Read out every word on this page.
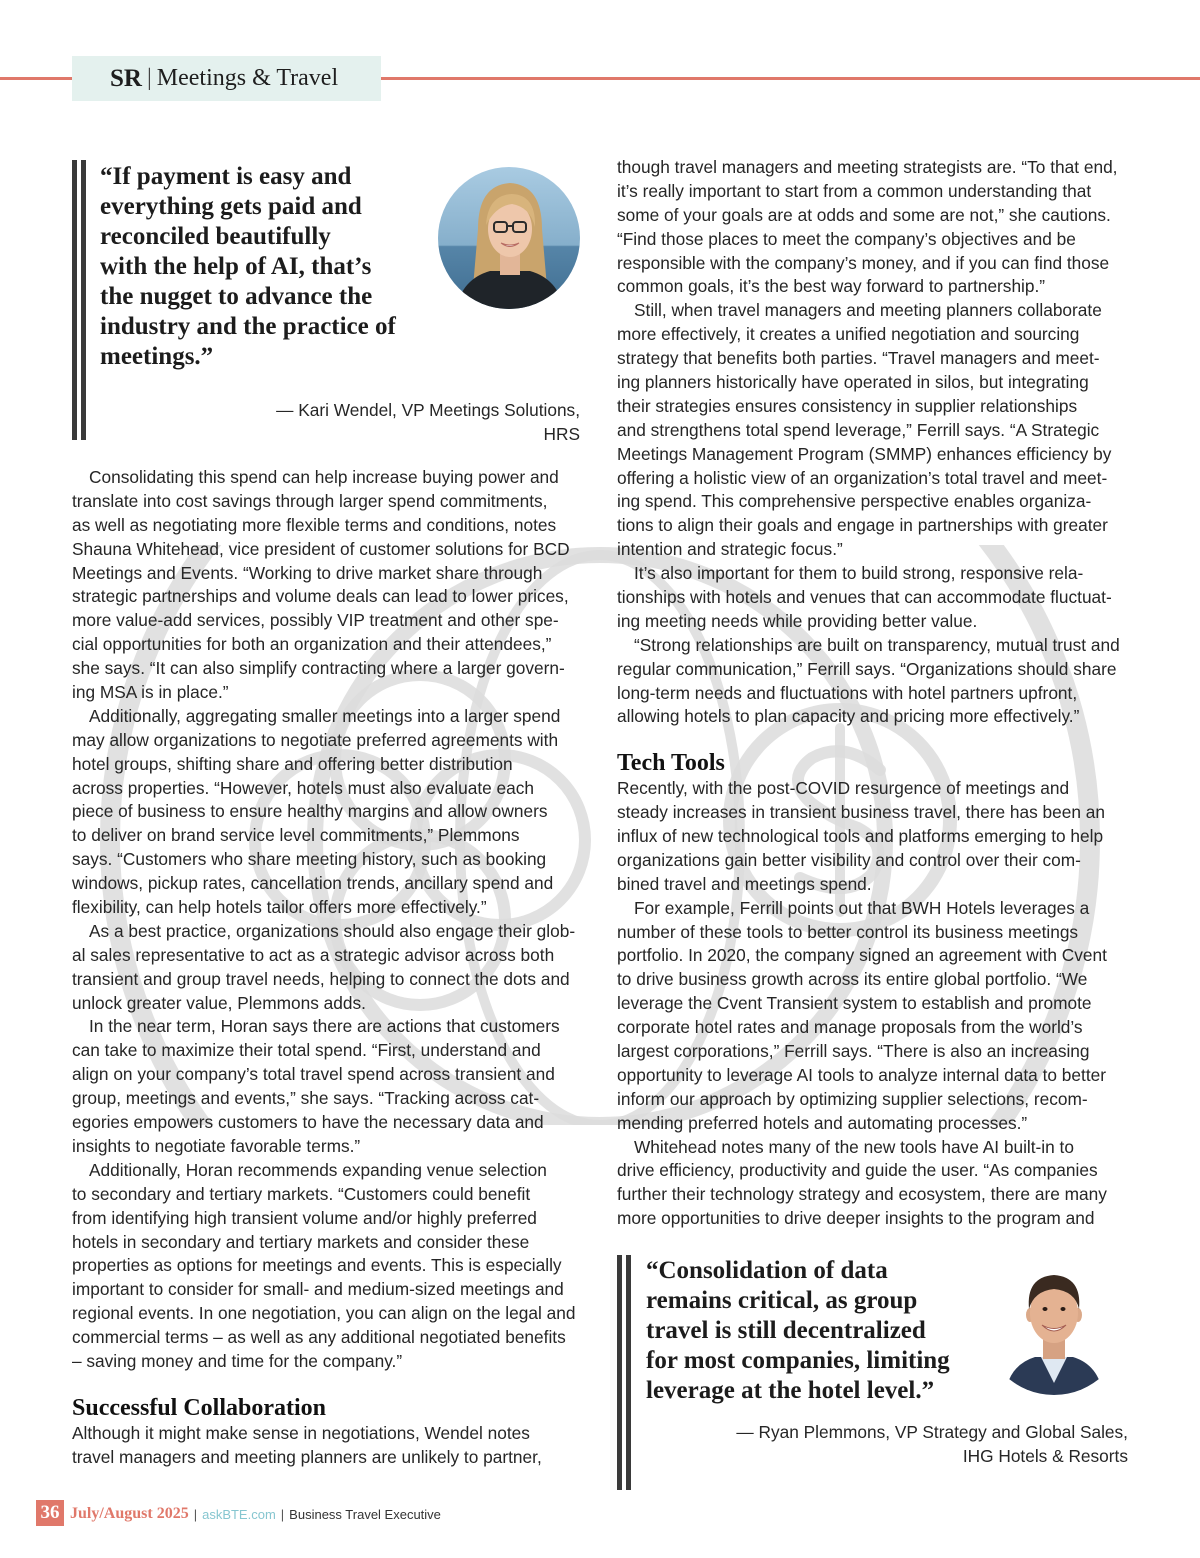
SR | Meetings & Travel
“If payment is easy and
everything gets paid and
reconciled beautifully
with the help of AI, that’s
the nugget to advance the
industry and the practice of
meetings.”
— Kari Wendel, VP Meetings Solutions,
HRS
Consolidating this spend can help increase buying power and
translate into cost savings through larger spend commitments,
as well as negotiating more flexible terms and conditions, notes
Shauna Whitehead, vice president of customer solutions for BCD
Meetings and Events. “Working to drive market share through
strategic partnerships and volume deals can lead to lower prices,
more value-add services, possibly VIP treatment and other spe-
cial opportunities for both an organization and their attendees,”
she says. “It can also simplify contracting where a larger govern-
ing MSA is in place.”
Additionally, aggregating smaller meetings into a larger spend
may allow organizations to negotiate preferred agreements with
hotel groups, shifting share and offering better distribution
across properties. “However, hotels must also evaluate each
piece of business to ensure healthy margins and allow owners
to deliver on brand service level commitments,” Plemmons
says. “Customers who share meeting history, such as booking
windows, pickup rates, cancellation trends, ancillary spend and
flexibility, can help hotels tailor offers more effectively.”
As a best practice, organizations should also engage their glob-
al sales representative to act as a strategic advisor across both
transient and group travel needs, helping to connect the dots and
unlock greater value, Plemmons adds.
In the near term, Horan says there are actions that customers
can take to maximize their total spend. “First, understand and
align on your company’s total travel spend across transient and
group, meetings and events,” she says. “Tracking across cat-
egories empowers customers to have the necessary data and
insights to negotiate favorable terms.”
Additionally, Horan recommends expanding venue selection
to secondary and tertiary markets. “Customers could benefit
from identifying high transient volume and/or highly preferred
hotels in secondary and tertiary markets and consider these
properties as options for meetings and events. This is especially
important to consider for small- and medium-sized meetings and
regional events. In one negotiation, you can align on the legal and
commercial terms – as well as any additional negotiated benefits
– saving money and time for the company.”
Successful Collaboration
Although it might make sense in negotiations, Wendel notes
travel managers and meeting planners are unlikely to partner,
though travel managers and meeting strategists are. “To that end,
it’s really important to start from a common understanding that
some of your goals are at odds and some are not,” she cautions.
“Find those places to meet the company’s objectives and be
responsible with the company’s money, and if you can find those
common goals, it’s the best way forward to partnership.”
Still, when travel managers and meeting planners collaborate
more effectively, it creates a unified negotiation and sourcing
strategy that benefits both parties. “Travel managers and meet-
ing planners historically have operated in silos, but integrating
their strategies ensures consistency in supplier relationships
and strengthens total spend leverage,” Ferrill says. “A Strategic
Meetings Management Program (SMMP) enhances efficiency by
offering a holistic view of an organization’s total travel and meet-
ing spend. This comprehensive perspective enables organiza-
tions to align their goals and engage in partnerships with greater
intention and strategic focus.”
It’s also important for them to build strong, responsive rela-
tionships with hotels and venues that can accommodate fluctuat-
ing meeting needs while providing better value.
“Strong relationships are built on transparency, mutual trust and
regular communication,” Ferrill says. “Organizations should share
long-term needs and fluctuations with hotel partners upfront,
allowing hotels to plan capacity and pricing more effectively.”
Tech Tools
Recently, with the post-COVID resurgence of meetings and
steady increases in transient business travel, there has been an
influx of new technological tools and platforms emerging to help
organizations gain better visibility and control over their com-
bined travel and meetings spend.
For example, Ferrill points out that BWH Hotels leverages a
number of these tools to better control its business meetings
portfolio. In 2020, the company signed an agreement with Cvent
to drive business growth across its entire global portfolio. “We
leverage the Cvent Transient system to establish and promote
corporate hotel rates and manage proposals from the world’s
largest corporations,” Ferrill says. “There is also an increasing
opportunity to leverage AI tools to analyze internal data to better
inform our approach by optimizing supplier selections, recom-
mending preferred hotels and automating processes.”
Whitehead notes many of the new tools have AI built-in to
drive efficiency, productivity and guide the user. “As companies
further their technology strategy and ecosystem, there are many
more opportunities to drive deeper insights to the program and
“Consolidation of data
remains critical, as group
travel is still decentralized
for most companies, limiting
leverage at the hotel level.”
— Ryan Plemmons, VP Strategy and Global Sales,
IHG Hotels & Resorts
36 July/August 2025 | askBTE.com | Business Travel Executive
